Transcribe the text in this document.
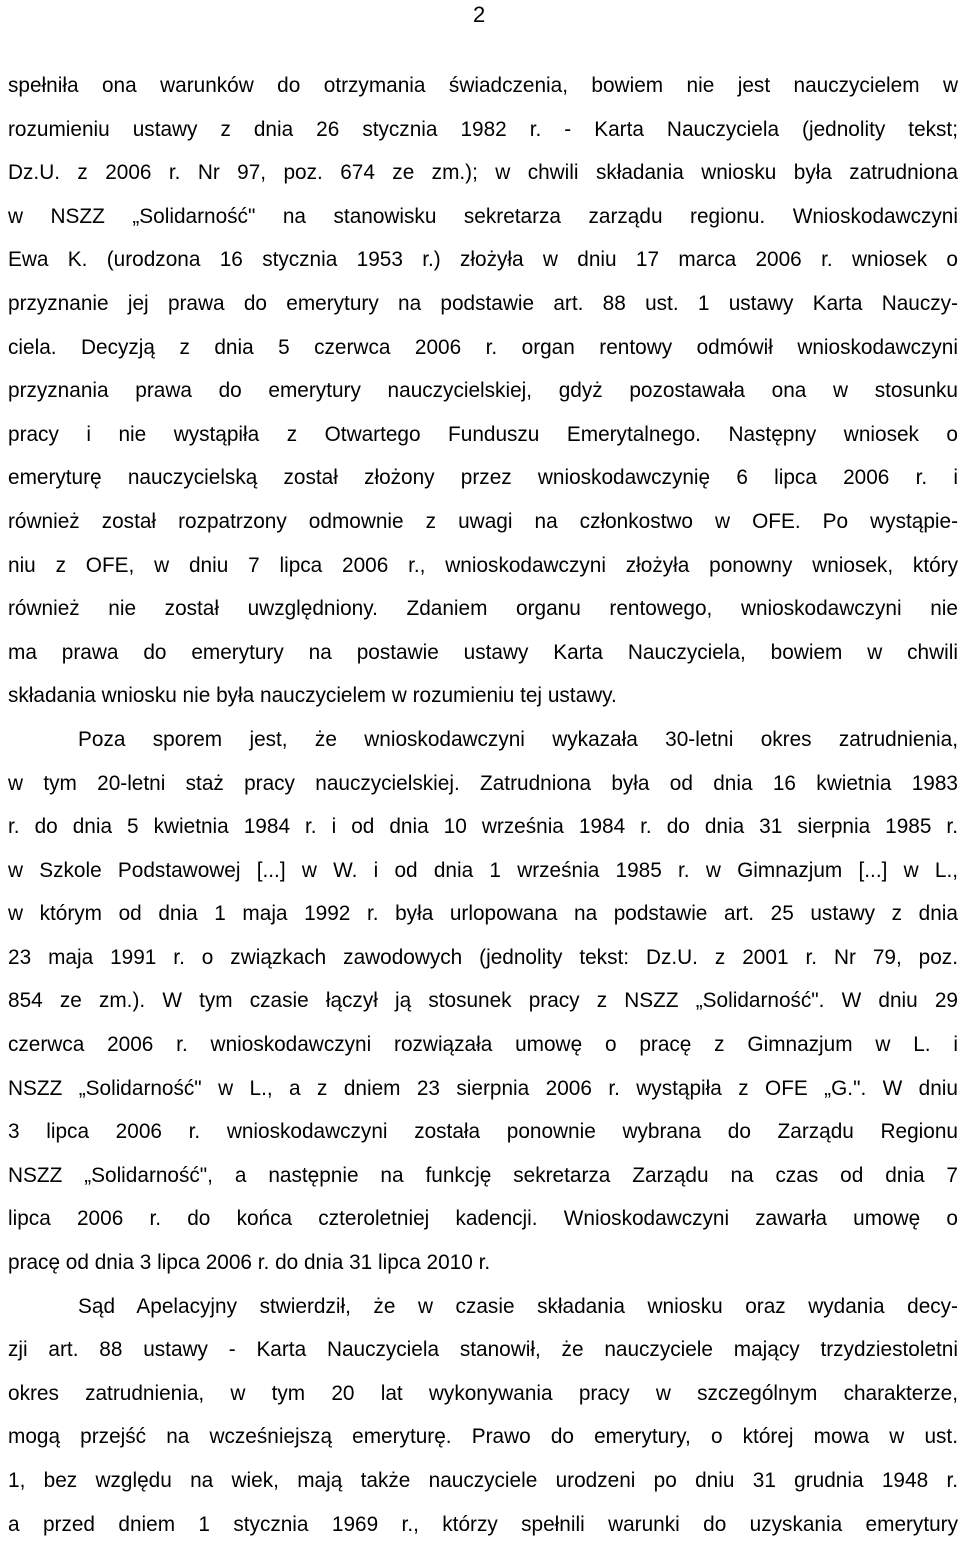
2
spełniła ona warunków do otrzymania świadczenia, bowiem nie jest nauczycielem w
rozumieniu ustawy z dnia 26 stycznia 1982 r. - Karta Nauczyciela (jednolity tekst;
Dz.U. z 2006 r. Nr 97, poz. 674 ze zm.); w chwili składania wniosku była zatrudniona
w NSZZ „Solidarność" na stanowisku sekretarza zarządu regionu. Wnioskodawczyni
Ewa K. (urodzona 16 stycznia 1953 r.) złożyła w dniu 17 marca 2006 r. wniosek o
przyznanie jej prawa do emerytury na podstawie art. 88 ust. 1 ustawy Karta Nauczy-
ciela. Decyzją z dnia 5 czerwca 2006 r. organ rentowy odmówił wnioskodawczyni
przyznania prawa do emerytury nauczycielskiej, gdyż pozostawała ona w stosunku
pracy i nie wystąpiła z Otwartego Funduszu Emerytalnego. Następny wniosek o
emeryturę nauczycielską został złożony przez wnioskodawczynię 6 lipca 2006 r. i
również został rozpatrzony odmownie z uwagi na członkostwo w OFE. Po wystąpie-
niu z OFE, w dniu 7 lipca 2006 r., wnioskodawczyni złożyła ponowny wniosek, który
również nie został uwzględniony. Zdaniem organu rentowego, wnioskodawczyni nie
ma prawa do emerytury na postawie ustawy Karta Nauczyciela, bowiem w chwili
składania wniosku nie była nauczycielem w rozumieniu tej ustawy.
Poza sporem jest, że wnioskodawczyni wykazała 30-letni okres zatrudnienia,
w tym 20-letni staż pracy nauczycielskiej. Zatrudniona była od dnia 16 kwietnia 1983
r. do dnia 5 kwietnia 1984 r. i od dnia 10 września 1984 r. do dnia 31 sierpnia 1985 r.
w Szkole Podstawowej [...] w W. i od dnia 1 września 1985 r. w Gimnazjum [...] w L.,
w którym od dnia 1 maja 1992 r. była urlopowana na podstawie art. 25 ustawy z dnia
23 maja 1991 r. o związkach zawodowych (jednolity tekst: Dz.U. z 2001 r. Nr 79, poz.
854 ze zm.). W tym czasie łączył ją stosunek pracy z NSZZ „Solidarność". W dniu 29
czerwca 2006 r. wnioskodawczyni rozwiązała umowę o pracę z Gimnazjum w L. i
NSZZ „Solidarność" w L., a z dniem 23 sierpnia 2006 r. wystąpiła z OFE „G.". W dniu
3 lipca 2006 r. wnioskodawczyni została ponownie wybrana do Zarządu Regionu
NSZZ „Solidarność", a następnie na funkcję sekretarza Zarządu na czas od dnia 7
lipca 2006 r. do końca czteroletniej kadencji. Wnioskodawczyni zawarła umowę o
pracę od dnia 3 lipca 2006 r. do dnia 31 lipca 2010 r.
Sąd Apelacyjny stwierdził, że w czasie składania wniosku oraz wydania decy-
zji art. 88 ustawy - Karta Nauczyciela stanowił, że nauczyciele mający trzydziestoletni
okres zatrudnienia, w tym 20 lat wykonywania pracy w szczególnym charakterze,
mogą przejść na wcześniejszą emeryturę. Prawo do emerytury, o której mowa w ust.
1, bez względu na wiek, mają także nauczyciele urodzeni po dniu 31 grudnia 1948 r.
a przed dniem 1 stycznia 1969 r., którzy spełnili warunki do uzyskania emerytury
